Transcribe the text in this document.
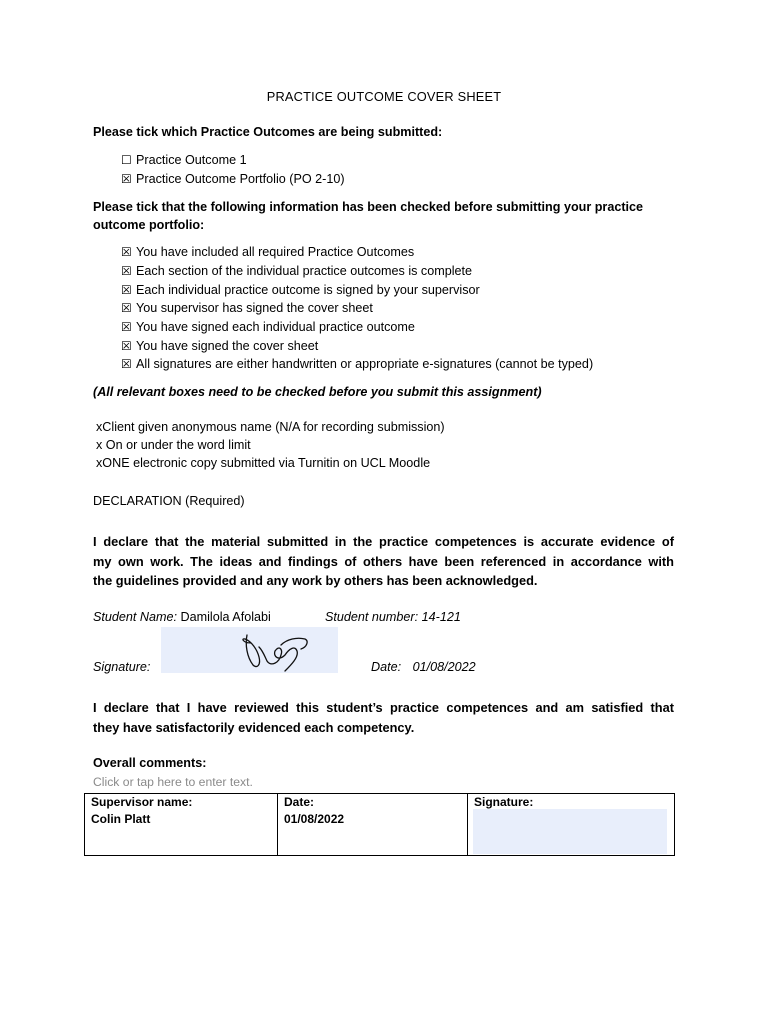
PRACTICE OUTCOME COVER SHEET
Please tick which Practice Outcomes are being submitted:
☐ Practice Outcome 1
☒ Practice Outcome Portfolio (PO 2-10)
Please tick that the following information has been checked before submitting your practice
outcome portfolio:
☒ You have included all required Practice Outcomes
☒ Each section of the individual practice outcomes is complete
☒ Each individual practice outcome is signed by your supervisor
☒ You supervisor has signed the cover sheet
☒ You have signed each individual practice outcome
☒ You have signed the cover sheet
☒ All signatures are either handwritten or appropriate e-signatures (cannot be typed)
(All relevant boxes need to be checked before you submit this assignment)
xClient given anonymous name (N/A for recording submission)
x On or under the word limit
xONE electronic copy submitted via Turnitin on UCL Moodle
DECLARATION (Required)
I declare that the material submitted in the practice competences is accurate evidence of
my own work. The ideas and findings of others have been referenced in accordance with
the guidelines provided and any work by others has been acknowledged.
Student Name: Damilola Afolabi	Student number: 14-121
Signature:	Date: 01/08/2022
I declare that I have reviewed this student’s practice competences and am satisfied that
they have satisfactorily evidenced each competency.
Overall comments:
Click or tap here to enter text.
Supervisor name:
Colin Platt

Date:
01/08/2022

Signature:
